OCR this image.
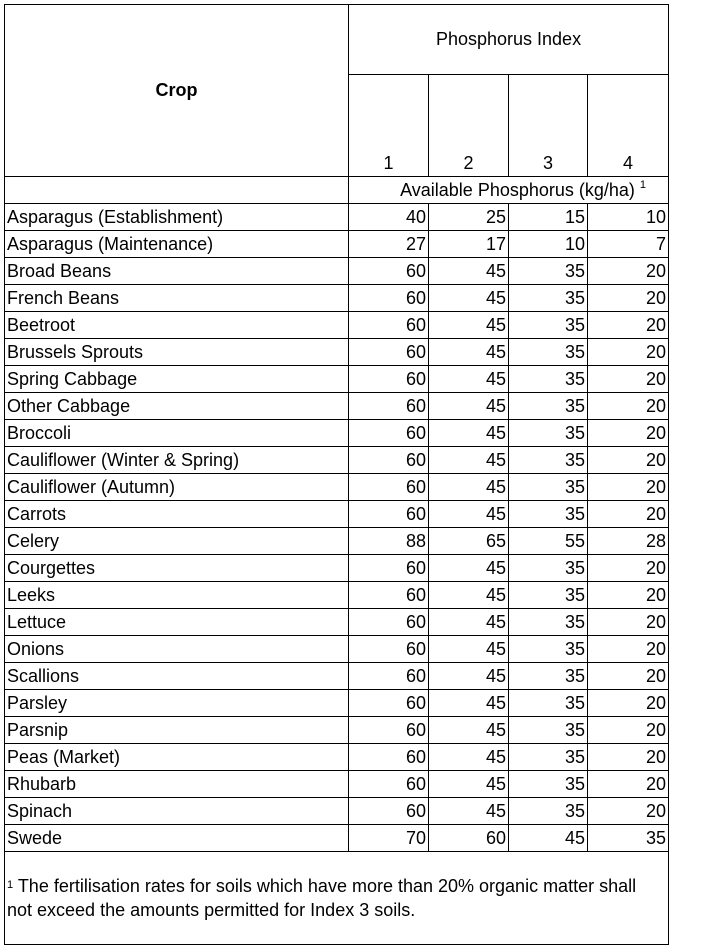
Crop	Phosphorus Index			
	1	2	3	4
	Available Phosphorus (kg/ha) $^1$
Asparagus (Establishment)	40	25	15	10
Asparagus (Maintenance)	27	17	10	7
Broad Beans	60	45	35	20
French Beans	60	45	35	20
Beetroot	60	45	35	20
Brussels Sprouts	60	45	35	20
Spring Cabbage	60	45	35	20
Other Cabbage	60	45	35	20
Broccoli	60	45	35	20
Cauliflower (Winter & Spring)	60	45	35	20
Cauliflower (Autumn)	60	45	35	20
Carrots	60	45	35	20
Celery	88	65	55	28
Courgettes	60	45	35	20
Leeks	60	45	35	20
Lettuce	60	45	35	20
Onions	60	45	35	20
Scallions	60	45	35	20
Parsley	60	45	35	20
Parsnip	60	45	35	20
Peas (Market)	60	45	35	20
Rhubarb	60	45	35	20
Spinach	60	45	35	20
Swede	70	60	45	35
$^1$ The fertilisation rates for soils which have more than 20% organic matter shall not exceed the amounts permitted for Index 3 soils.				
